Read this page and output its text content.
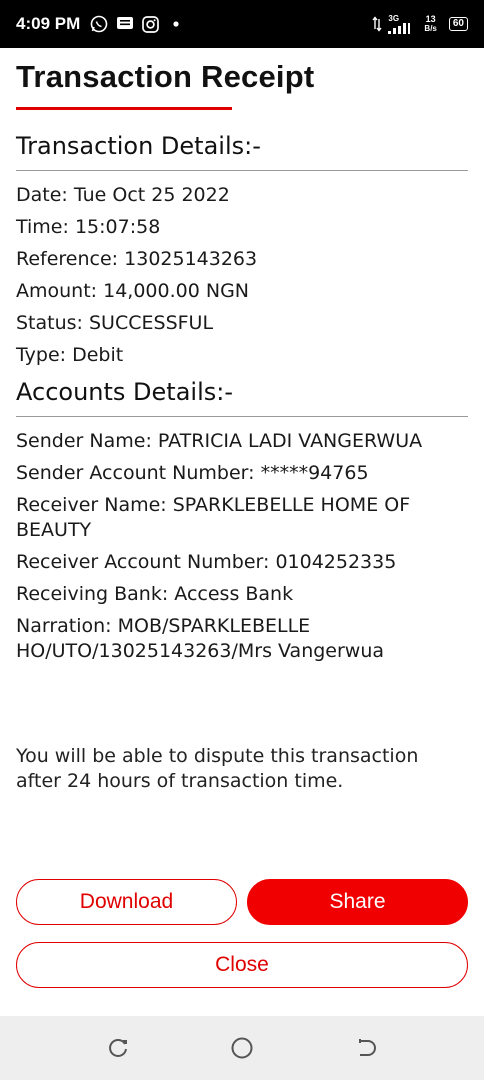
4:09 PM	3G	13
B/s	60
Transaction Receipt
Transaction Details:-
Date: Tue Oct 25 2022
Time: 15:07:58
Reference: 13025143263
Amount: 14,000.00 NGN
Status: SUCCESSFUL
Type: Debit
Accounts Details:-
Sender Name: PATRICIA LADI VANGERWUA
Sender Account Number: *****94765
Receiver Name: SPARKLEBELLE HOME OF BEAUTY
Receiver Account Number: 0104252335
Receiving Bank: Access Bank
Narration: MOB/SPARKLEBELLE HO/UTO/13025143263/Mrs Vangerwua
You will be able to dispute this transaction after 24 hours of transaction time.
Download	Share
Close
